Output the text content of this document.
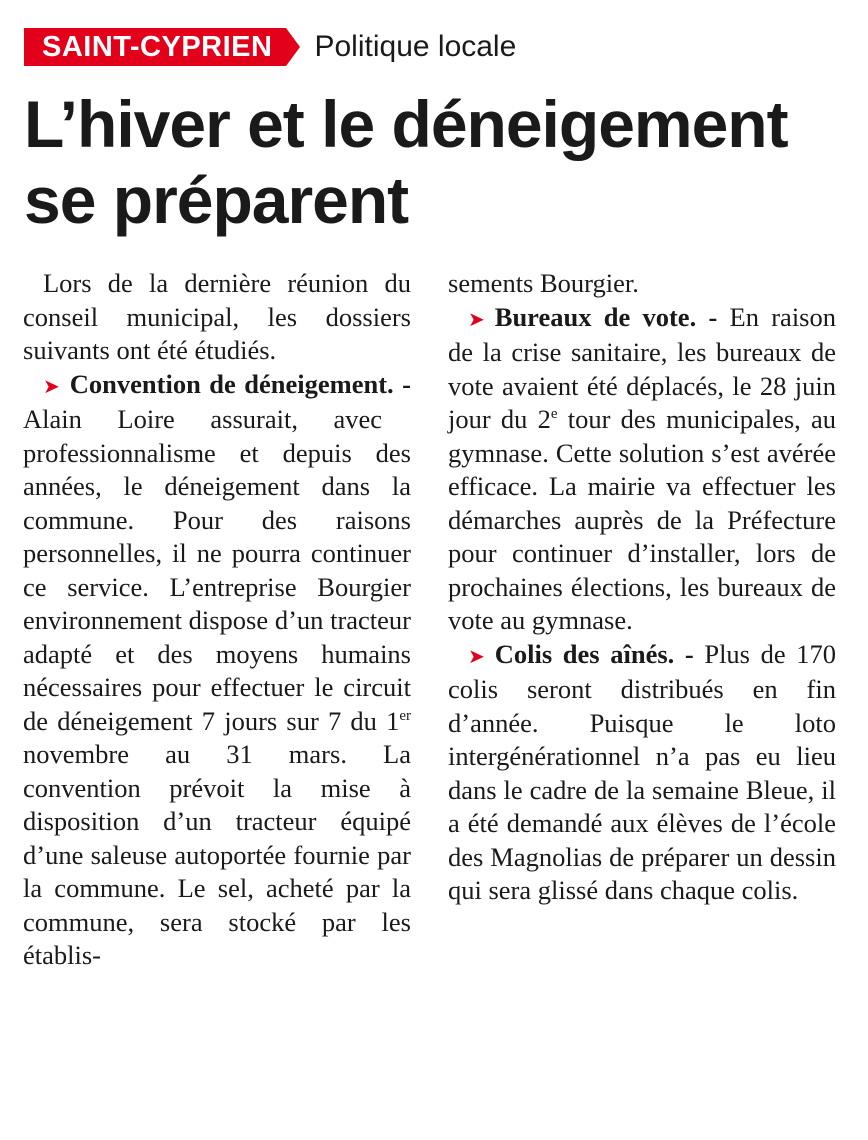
SAINT-CYPRIEN	Politique locale
L’hiver et le déneigement
se préparent

Lors de la dernière réunion du conseil municipal, les dossiers suivants ont été étudiés.

➤ Convention de déneigement. - Alain Loire assurait, avec professionnalisme et depuis des années, le déneigement dans la commune. Pour des raisons personnelles, il ne pourra continuer ce service. L’entreprise Bourgier environnement dispose d’un tracteur adapté et des moyens humains nécessaires pour effectuer le circuit de déneigement 7 jours sur 7 du 1er novembre au 31 mars. La convention prévoit la mise à disposition d’un tracteur équipé d’une saleuse autoportée fournie par la commune. Le sel, acheté par la commune, sera stocké par les établis-

sements Bourgier.

➤ Bureaux de vote. - En raison de la crise sanitaire, les bureaux de vote avaient été déplacés, le 28 juin jour du 2e tour des municipales, au gymnase. Cette solution s’est avérée efficace. La mairie va effectuer les démarches auprès de la Préfecture pour continuer d’installer, lors de prochaines élections, les bureaux de vote au gymnase.

➤ Colis des aînés. - Plus de 170 colis seront distribués en fin d’année. Puisque le loto intergénérationnel n’a pas eu lieu dans le cadre de la semaine Bleue, il a été demandé aux élèves de l’école des Magnolias de préparer un dessin qui sera glissé dans chaque colis.
